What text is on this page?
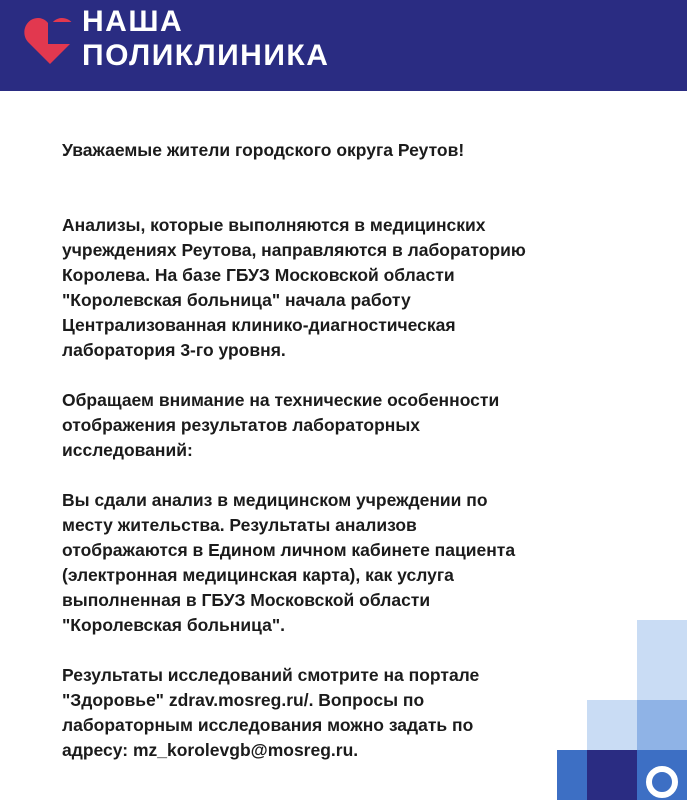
НАША
ПОЛИКЛИНИКА

Уважаемые жители городского округа Реутов!

Анализы, которые выполняются в медицинских
учреждениях Реутова, направляются в лабораторию
Королева. На базе ГБУЗ Московской области
"Королевская больница" начала работу
Централизованная клинико-диагностическая
лаборатория 3-го уровня.

Обращаем внимание на технические особенности
отображения результатов лабораторных
исследований:

Вы сдали анализ в медицинском учреждении по
месту жительства. Результаты анализов
отображаются в Едином личном кабинете пациента
(электронная медицинская карта), как услуга
выполненная в ГБУЗ Московской области
"Королевская больница".

Результаты исследований смотрите на портале
"Здоровье" zdrav.mosreg.ru/. Вопросы по
лабораторным исследования можно задать по
адресу: mz_korolevgb@mosreg.ru.
